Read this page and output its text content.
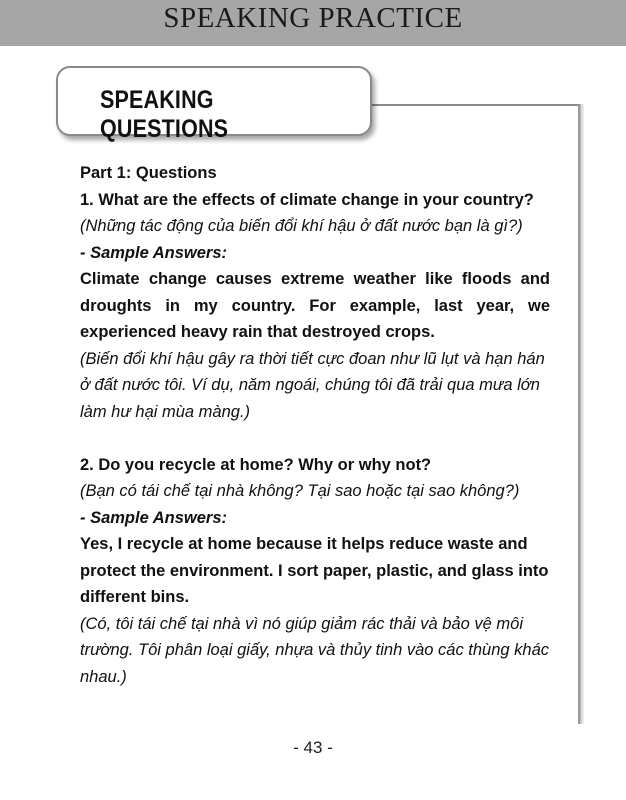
SPEAKING PRACTICE
SPEAKING QUESTIONS

Part 1: Questions

1. What are the effects of climate change in your country?

(Những tác động của biến đổi khí hậu ở đất nước bạn là gì?)

- Sample Answers:

Climate change causes extreme weather like floods and droughts in my country. For example, last year, we experienced heavy rain that destroyed crops.

(Biến đổi khí hậu gây ra thời tiết cực đoan như lũ lụt và hạn hán ở đất nước tôi. Ví dụ, năm ngoái, chúng tôi đã trải qua mưa lớn làm hư hại mùa màng.)

2. Do you recycle at home? Why or why not?

(Bạn có tái chế tại nhà không? Tại sao hoặc tại sao không?)

- Sample Answers:

Yes, I recycle at home because it helps reduce waste and protect the environment. I sort paper, plastic, and glass into different bins.

(Có, tôi tái chế tại nhà vì nó giúp giảm rác thải và bảo vệ môi trường. Tôi phân loại giấy, nhựa và thủy tinh vào các thùng khác nhau.)

- 43 -
